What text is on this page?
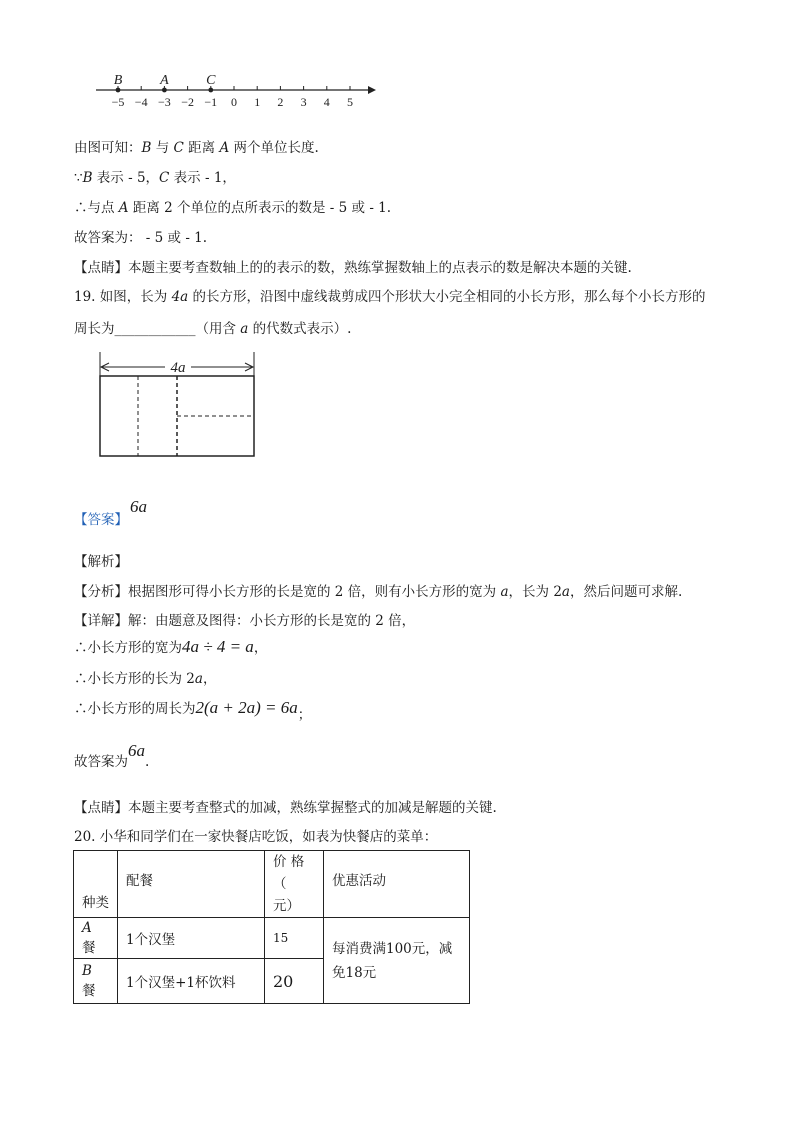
−5 −4 −3 −2 −1 0 1 2 3 4 5
B	A	C
由图可知：B 与 C 距离 A 两个单位长度.
∵B 表示 - 5，C 表示 - 1，
∴与点 A 距离 2 个单位的点所表示的数是 - 5 或 - 1.
故答案为： - 5 或 - 1.
【点睛】本题主要考查数轴上的的表示的数，熟练掌握数轴上的点表示的数是解决本题的关键.
19. 如图，长为 4a 的长方形，沿图中虚线裁剪成四个形状大小完全相同的小长方形，那么每个小长方形的
周长为____________（用含 a 的代数式表示）.
4a
【答案】6a
【解析】
【分析】根据图形可得小长方形的长是宽的 2 倍，则有小长方形的宽为 a，长为 2a，然后问题可求解.
【详解】解：由题意及图得：小长方形的长是宽的 2 倍，
∴小长方形的宽为4a ÷ 4 = a，
∴小长方形的长为 2a，
∴小长方形的周长为2(a + 2a) = 6a；
故答案为6a.
【点睛】本题主要考查整式的加减，熟练掌握整式的加减是解题的关键.
20. 小华和同学们在一家快餐店吃饭，如表为快餐店的菜单：
种类	配餐	价 格（
元）	优惠活动
A 餐	1个汉堡	15	每消费满100元，减
免18元
B 餐	1个汉堡+1杯饮料	20	
